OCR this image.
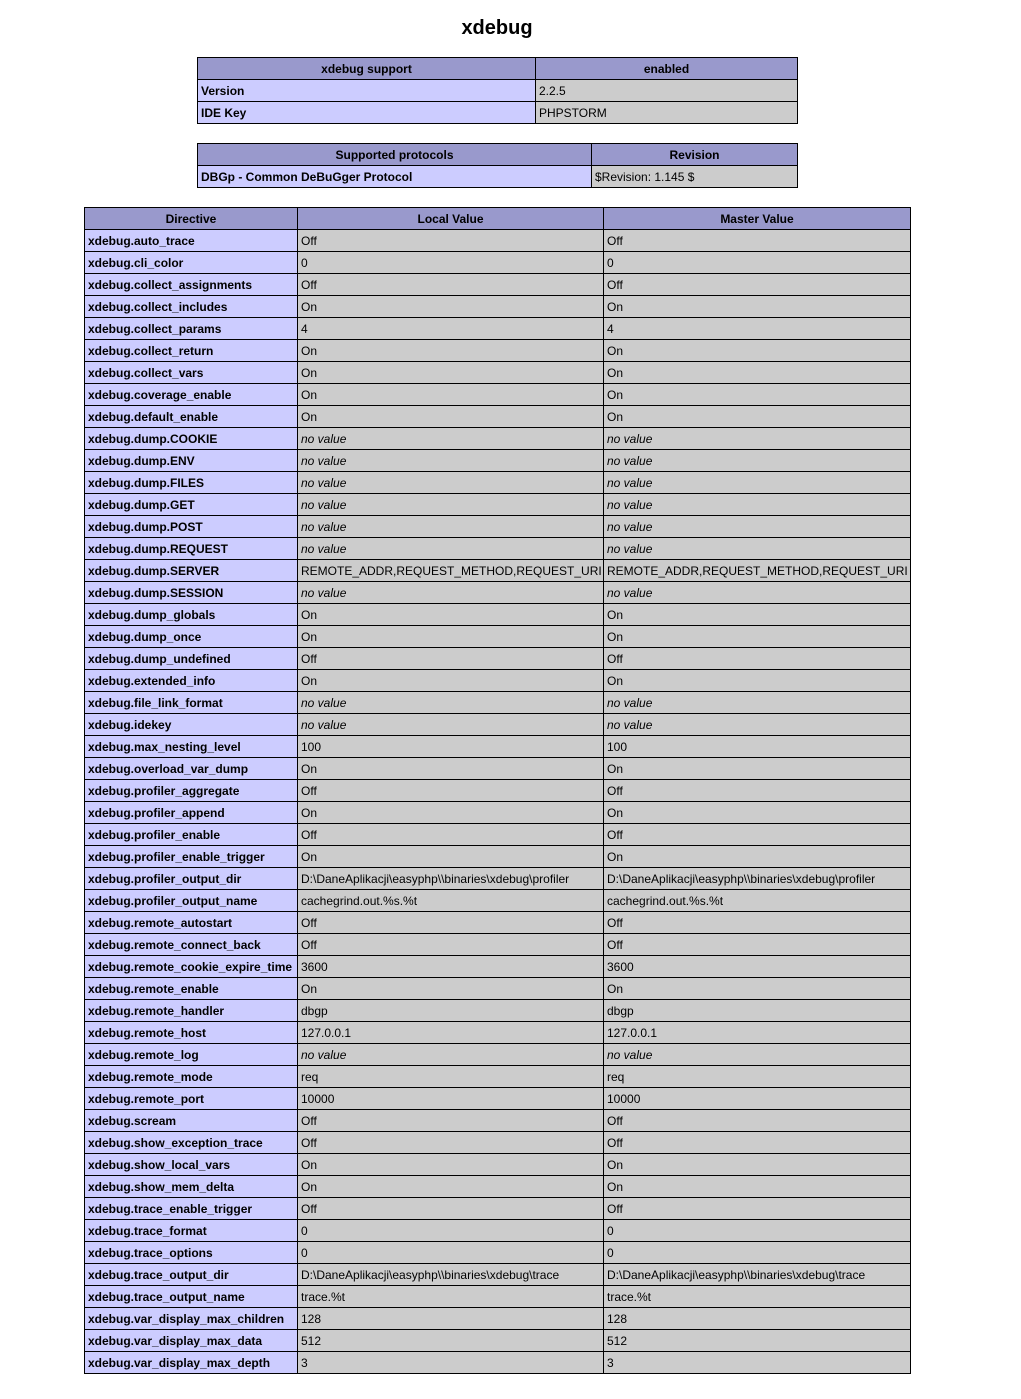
xdebug
xdebug support	enabled
Version	2.2.5
IDE Key	PHPSTORM
Supported protocols	Revision
DBGp - Common DeBuGger Protocol	$Revision: 1.145 $
Directive	Local Value	Master Value
xdebug.auto_trace	Off	Off
xdebug.cli_color	0	0
xdebug.collect_assignments	Off	Off
xdebug.collect_includes	On	On
xdebug.collect_params	4	4
xdebug.collect_return	On	On
xdebug.collect_vars	On	On
xdebug.coverage_enable	On	On
xdebug.default_enable	On	On
xdebug.dump.COOKIE	no value	no value
xdebug.dump.ENV	no value	no value
xdebug.dump.FILES	no value	no value
xdebug.dump.GET	no value	no value
xdebug.dump.POST	no value	no value
xdebug.dump.REQUEST	no value	no value
xdebug.dump.SERVER	REMOTE_ADDR,REQUEST_METHOD,REQUEST_URI	REMOTE_ADDR,REQUEST_METHOD,REQUEST_URI
xdebug.dump.SESSION	no value	no value
xdebug.dump_globals	On	On
xdebug.dump_once	On	On
xdebug.dump_undefined	Off	Off
xdebug.extended_info	On	On
xdebug.file_link_format	no value	no value
xdebug.idekey	no value	no value
xdebug.max_nesting_level	100	100
xdebug.overload_var_dump	On	On
xdebug.profiler_aggregate	Off	Off
xdebug.profiler_append	On	On
xdebug.profiler_enable	Off	Off
xdebug.profiler_enable_trigger	On	On
xdebug.profiler_output_dir	D:\DaneAplikacji\easyphp\\binaries\xdebug\profiler	D:\DaneAplikacji\easyphp\\binaries\xdebug\profiler
xdebug.profiler_output_name	cachegrind.out.%s.%t	cachegrind.out.%s.%t
xdebug.remote_autostart	Off	Off
xdebug.remote_connect_back	Off	Off
xdebug.remote_cookie_expire_time	3600	3600
xdebug.remote_enable	On	On
xdebug.remote_handler	dbgp	dbgp
xdebug.remote_host	127.0.0.1	127.0.0.1
xdebug.remote_log	no value	no value
xdebug.remote_mode	req	req
xdebug.remote_port	10000	10000
xdebug.scream	Off	Off
xdebug.show_exception_trace	Off	Off
xdebug.show_local_vars	On	On
xdebug.show_mem_delta	On	On
xdebug.trace_enable_trigger	Off	Off
xdebug.trace_format	0	0
xdebug.trace_options	0	0
xdebug.trace_output_dir	D:\DaneAplikacji\easyphp\\binaries\xdebug\trace	D:\DaneAplikacji\easyphp\\binaries\xdebug\trace
xdebug.trace_output_name	trace.%t	trace.%t
xdebug.var_display_max_children	128	128
xdebug.var_display_max_data	512	512
xdebug.var_display_max_depth	3	3
